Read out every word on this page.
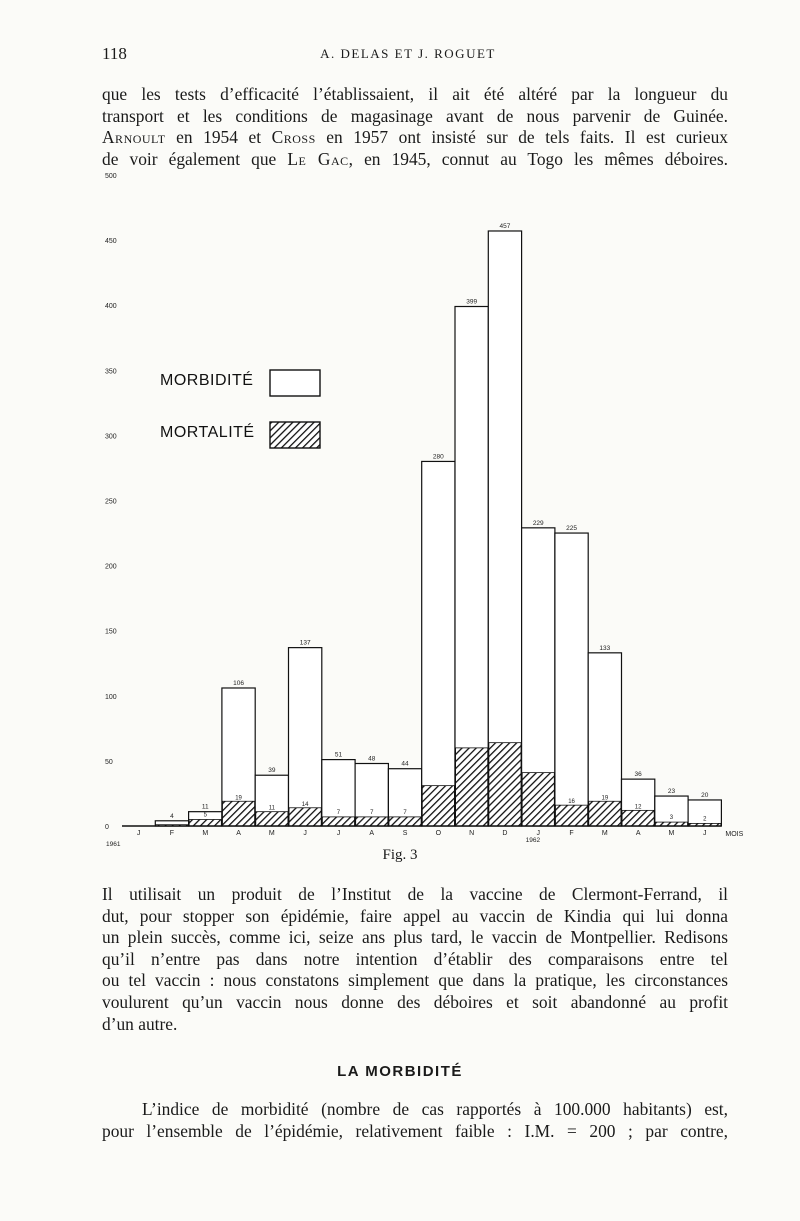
118	A. DELAS ET J. ROGUET
que les tests d’efficacité l’établissaient, il ait été altéré par la longueur du
transport et les conditions de magasinage avant de nous parvenir de Guinée.
Arnoult en 1954 et Cross en 1957 ont insisté sur de tels faits. Il est curieux
de voir également que Le Gac, en 1945, connut au Togo les mêmes déboires.
0
50
100
150
200
250
300
350
400
450
500
4
11
5
106
19
39
11
137
14
51
7
48
7
44
7
280
31
399
60
457
64
229
41
225
16
133
19
36
12
23
3
20
2
J	F	M	A	M	J	J	A	S	O	N	D	J	F	M	A	M	J	MOIS
1961
1962
MORBIDITÉ
MORTALITÉ
Fig. 3
Il utilisait un produit de l’Institut de la vaccine de Clermont-Ferrand, il
dut, pour stopper son épidémie, faire appel au vaccin de Kindia qui lui donna
un plein succès, comme ici, seize ans plus tard, le vaccin de Montpellier. Redisons
qu’il n’entre pas dans notre intention d’établir des comparaisons entre tel
ou tel vaccin : nous constatons simplement que dans la pratique, les circonstances
voulurent qu’un vaccin nous donne des déboires et soit abandonné au profit
d’un autre.
LA MORBIDITÉ
L’indice de morbidité (nombre de cas rapportés à 100.000 habitants) est,
pour l’ensemble de l’épidémie, relativement faible : I.M. = 200 ; par contre,
